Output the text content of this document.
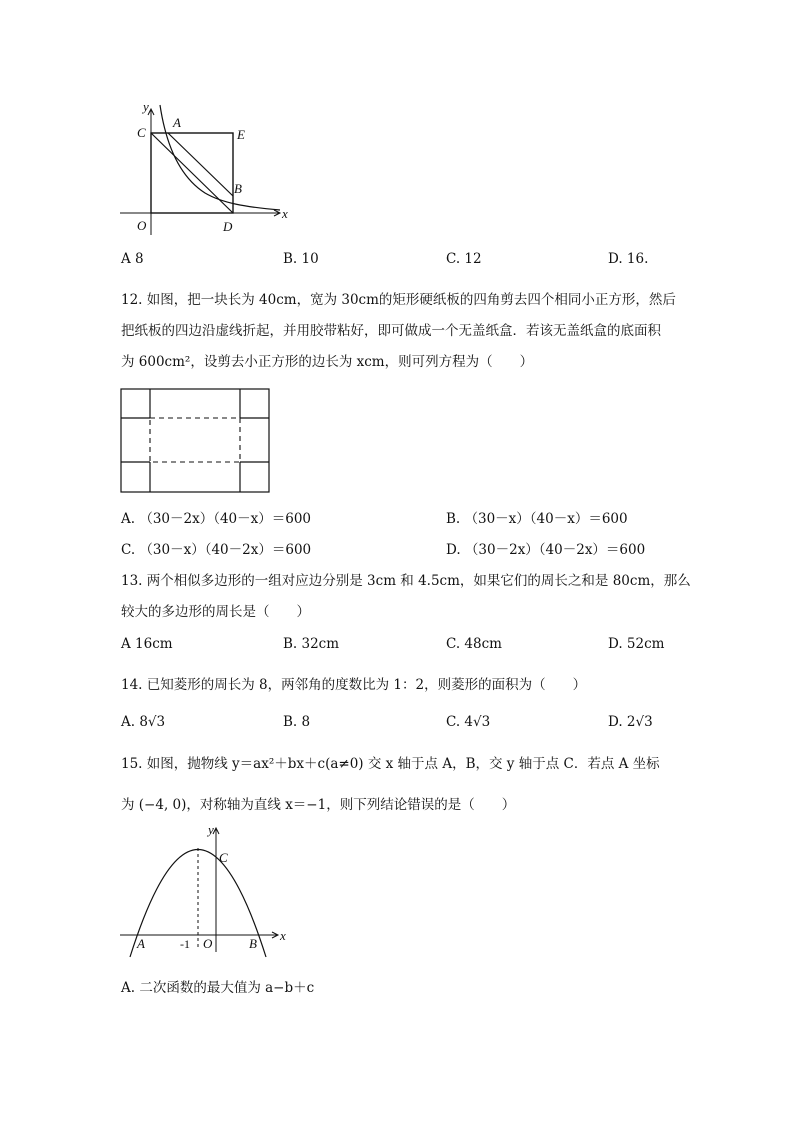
y
x
C
A
E
B
O	D
A 8	B. 10	C. 12	D. 16.
12. 如图，把一块长为 40cm，宽为 30cm的矩形硬纸板的四角剪去四个相同小正方形，然后
把纸板的四边沿虚线折起，并用胶带粘好，即可做成一个无盖纸盒．若该无盖纸盒的底面积
为 600cm²，设剪去小正方形的边长为 xcm，则可列方程为（　　）
A. （30－2x）（40－x）＝600	B. （30－x）（40－x）＝600
C. （30－x）（40－2x）＝600	D. （30－2x）（40－2x）＝600
13. 两个相似多边形的一组对应边分别是 3cm 和 4.5cm，如果它们的周长之和是 80cm，那么
较大的多边形的周长是（　　）
A 16cm	B. 32cm	C. 48cm	D. 52cm
14. 已知菱形的周长为 8，两邻角的度数比为 1：2，则菱形的面积为（　　）
A. 8√3	B. 8	C. 4√3	D. 2√3
15. 如图，抛物线 y＝ax²＋bx＋c(a≠0) 交 x 轴于点 A，B，交 y 轴于点 C．若点 A 坐标
为 (−4, 0)，对称轴为直线 x＝−1，则下列结论错误的是（　　）
y
x
C
A	B
O
-1
A. 二次函数的最大值为 a−b＋c
